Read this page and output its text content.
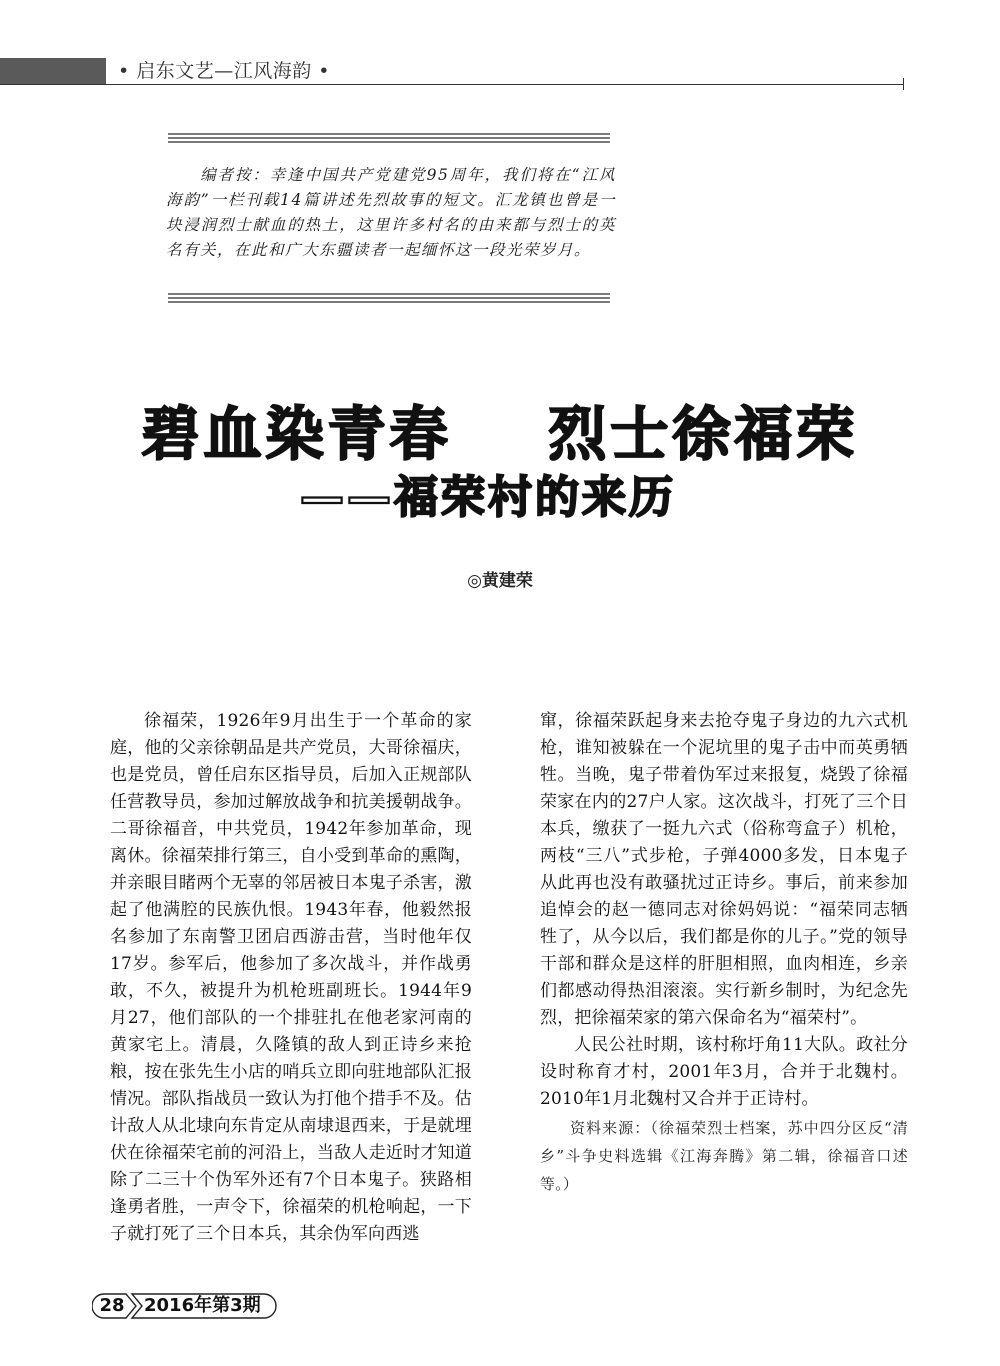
• 启东文艺—江风海韵 •
编者按：幸逢中国共产党建党95周年，我们将在“江风海韵”一栏刊载14篇讲述先烈故事的短文。汇龙镇也曾是一块浸润烈士献血的热土，这里许多村名的由来都与烈士的英名有关，在此和广大东疆读者一起缅怀这一段光荣岁月。
碧血染青春    烈士徐福荣
——福荣村的来历
◎黄建荣

徐福荣，1926年9月出生于一个革命的家庭，他的父亲徐朝品是共产党员，大哥徐福庆，也是党员，曾任启东区指导员，后加入正规部队任营教导员，参加过解放战争和抗美援朝战争。二哥徐福音，中共党员，1942年参加革命，现离休。徐福荣排行第三，自小受到革命的熏陶，并亲眼目睹两个无辜的邻居被日本鬼子杀害，激起了他满腔的民族仇恨。1943年春，他毅然报名参加了东南警卫团启西游击营，当时他年仅17岁。参军后，他参加了多次战斗，并作战勇敢，不久，被提升为机枪班副班长。1944年9月27，他们部队的一个排驻扎在他老家河南的黄家宅上。清晨，久隆镇的敌人到正诗乡来抢粮，按在张先生小店的哨兵立即向驻地部队汇报情况。部队指战员一致认为打他个措手不及。估计敌人从北埭向东肯定从南埭退西来，于是就埋伏在徐福荣宅前的河沿上，当敌人走近时才知道除了二三十个伪军外还有7个日本鬼子。狭路相逢勇者胜，一声令下，徐福荣的机枪响起，一下子就打死了三个日本兵，其余伪军向西逃

窜，徐福荣跃起身来去抢夺鬼子身边的九六式机枪，谁知被躲在一个泥坑里的鬼子击中而英勇牺牲。当晚，鬼子带着伪军过来报复，烧毁了徐福荣家在内的27户人家。这次战斗，打死了三个日本兵，缴获了一挺九六式（俗称弯盒子）机枪，两枝“三八”式步枪，子弹4000多发，日本鬼子从此再也没有敢骚扰过正诗乡。事后，前来参加追悼会的赵一德同志对徐妈妈说：“福荣同志牺牲了，从今以后，我们都是你的儿子。”党的领导干部和群众是这样的肝胆相照，血肉相连，乡亲们都感动得热泪滚滚。实行新乡制时，为纪念先烈，把徐福荣家的第六保命名为“福荣村”。

人民公社时期，该村称圩角11大队。政社分设时称育才村，2001年3月，合并于北魏村。2010年1月北魏村又合并于正诗村。

资料来源：（徐福荣烈士档案，苏中四分区反“清乡”斗争史料选辑《江海奔腾》第二辑，徐福音口述等。）

28 2016年第3期
